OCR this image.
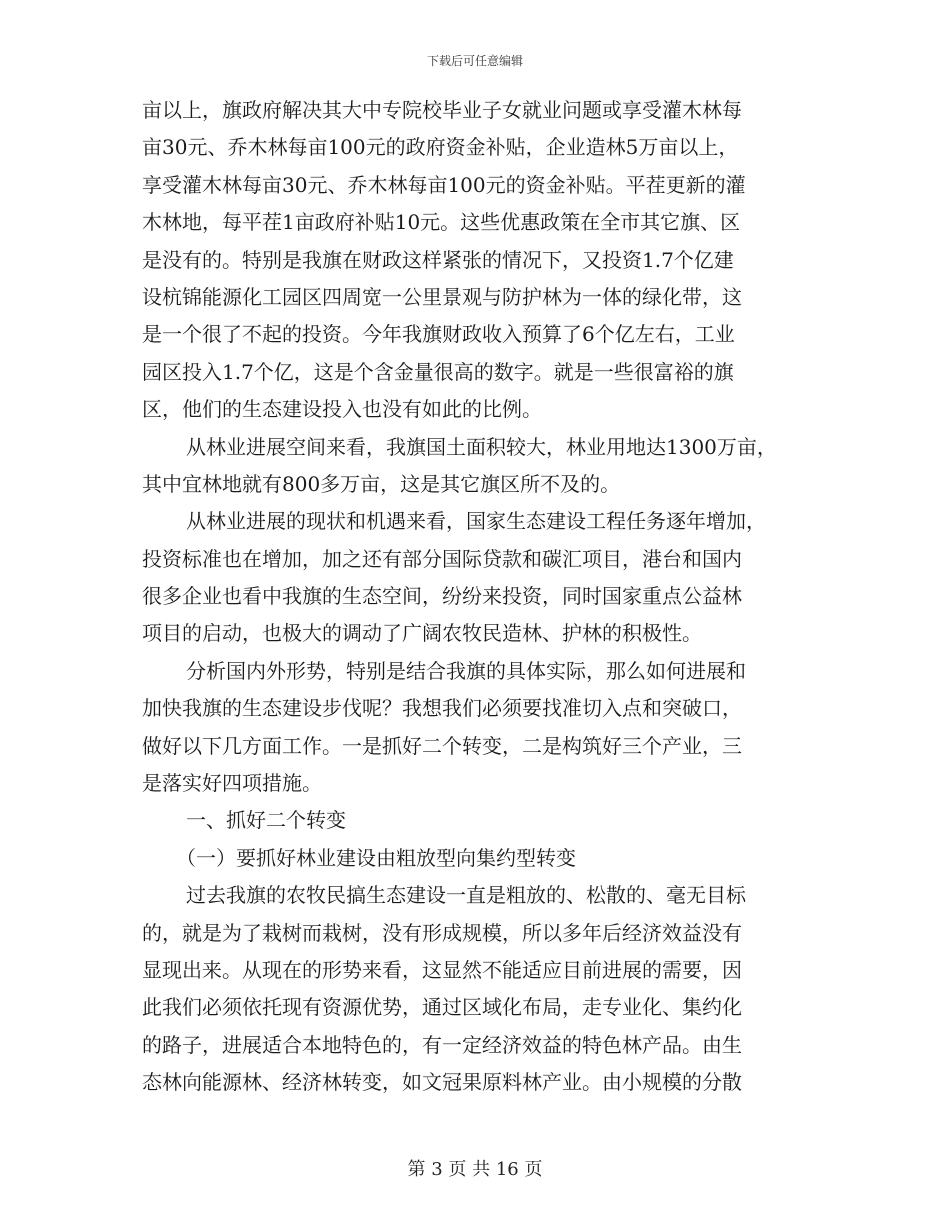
下载后可任意编辑
亩以上，旗政府解决其大中专院校毕业子女就业问题或享受灌木林每
亩30元、乔木林每亩100元的政府资金补贴，企业造林5万亩以上，
享受灌木林每亩30元、乔木林每亩100元的资金补贴。平茬更新的灌
木林地，每平茬1亩政府补贴10元。这些优惠政策在全市其它旗、区
是没有的。特别是我旗在财政这样紧张的情况下，又投资1.7个亿建
设杭锦能源化工园区四周宽一公里景观与防护林为一体的绿化带，这
是一个很了不起的投资。今年我旗财政收入预算了6个亿左右，工业
园区投入1.7个亿，这是个含金量很高的数字。就是一些很富裕的旗
区，他们的生态建设投入也没有如此的比例。
从林业进展空间来看，我旗国土面积较大，林业用地达1300万亩，
其中宜林地就有800多万亩，这是其它旗区所不及的。
从林业进展的现状和机遇来看，国家生态建设工程任务逐年增加，
投资标准也在增加，加之还有部分国际贷款和碳汇项目，港台和国内
很多企业也看中我旗的生态空间，纷纷来投资，同时国家重点公益林
项目的启动，也极大的调动了广阔农牧民造林、护林的积极性。
分析国内外形势，特别是结合我旗的具体实际，那么如何进展和
加快我旗的生态建设步伐呢？我想我们必须要找准切入点和突破口，
做好以下几方面工作。一是抓好二个转变，二是构筑好三个产业，三
是落实好四项措施。
一、抓好二个转变
（一）要抓好林业建设由粗放型向集约型转变
过去我旗的农牧民搞生态建设一直是粗放的、松散的、毫无目标
的，就是为了栽树而栽树，没有形成规模，所以多年后经济效益没有
显现出来。从现在的形势来看，这显然不能适应目前进展的需要，因
此我们必须依托现有资源优势，通过区域化布局，走专业化、集约化
的路子，进展适合本地特色的，有一定经济效益的特色林产品。由生
态林向能源林、经济林转变，如文冠果原料林产业。由小规模的分散
第 3 页 共 16 页
